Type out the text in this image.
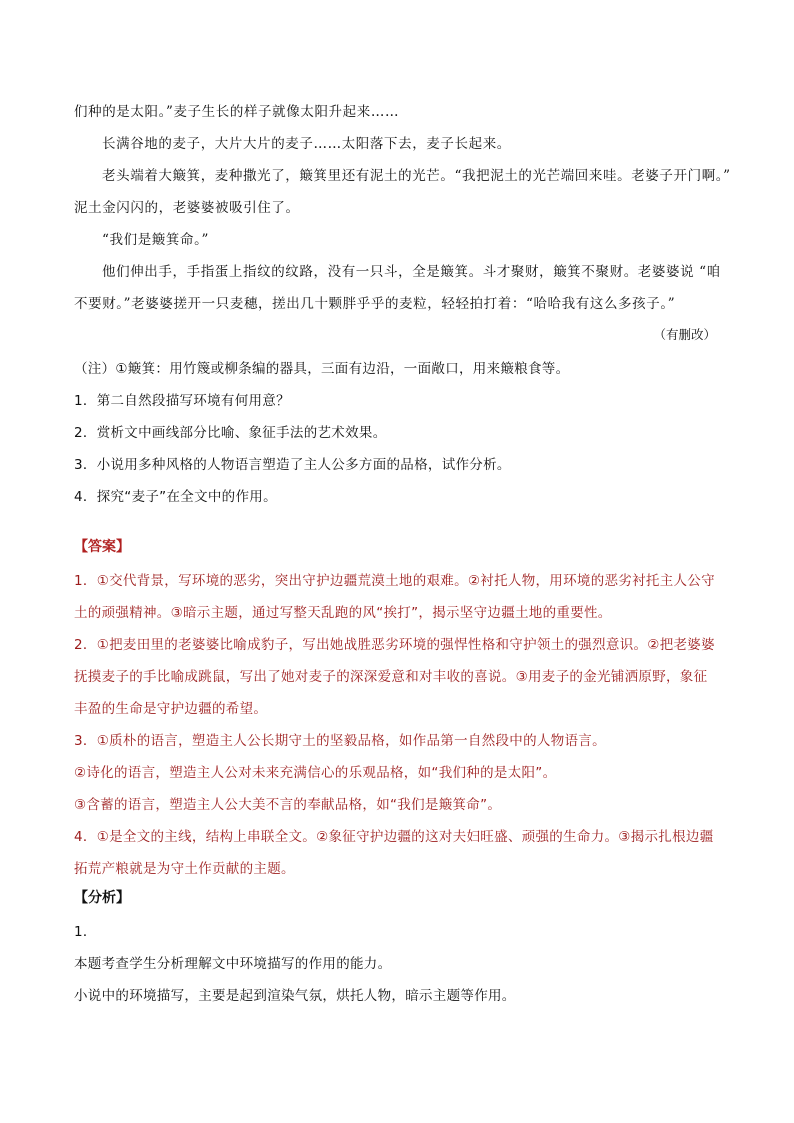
们种的是太阳。”麦子生长的样子就像太阳升起来……
长满谷地的麦子，大片大片的麦子……太阳落下去，麦子长起来。
老头端着大簸箕，麦种撒光了，簸箕里还有泥土的光芒。“我把泥土的光芒端回来哇。老婆子开门啊。”
泥土金闪闪的，老婆婆被吸引住了。
“我们是簸箕命。”
他们伸出手，手指蛋上指纹的纹路，没有一只斗，全是簸箕。斗才聚财，簸箕不聚财。老婆婆说 “咱
不要财。”老婆婆搓开一只麦穗，搓出几十颗胖乎乎的麦粒，轻轻拍打着：“哈哈我有这么多孩子。”
（有删改）
（注）①簸箕：用竹篾或柳条编的器具，三面有边沿，一面敞口，用来簸粮食等。
1．第二自然段描写环境有何用意？
2．赏析文中画线部分比喻、象征手法的艺术效果。
3．小说用多种风格的人物语言塑造了主人公多方面的品格，试作分析。
4．探究“麦子”在全文中的作用。
【答案】
1．①交代背景，写环境的恶劣，突出守护边疆荒漠土地的艰难。②衬托人物，用环境的恶劣衬托主人公守
土的顽强精神。③暗示主题，通过写整天乱跑的风“挨打”，揭示坚守边疆土地的重要性。
2．①把麦田里的老婆婆比喻成豹子，写出她战胜恶劣环境的强悍性格和守护领土的强烈意识。②把老婆婆
抚摸麦子的手比喻成跳鼠，写出了她对麦子的深深爱意和对丰收的喜说。③用麦子的金光铺洒原野，象征
丰盈的生命是守护边疆的希望。
3．①质朴的语言，塑造主人公长期守土的坚毅品格，如作品第一自然段中的人物语言。
②诗化的语言，塑造主人公对未来充满信心的乐观品格，如“我们种的是太阳”。
③含蓄的语言，塑造主人公大美不言的奉献品格，如“我们是簸箕命”。
4．①是全文的主线，结构上串联全文。②象征守护边疆的这对夫妇旺盛、顽强的生命力。③揭示扎根边疆
拓荒产粮就是为守土作贡献的主题。
【分析】
1．
本题考查学生分析理解文中环境描写的作用的能力。
小说中的环境描写，主要是起到渲染气氛，烘托人物，暗示主题等作用。
